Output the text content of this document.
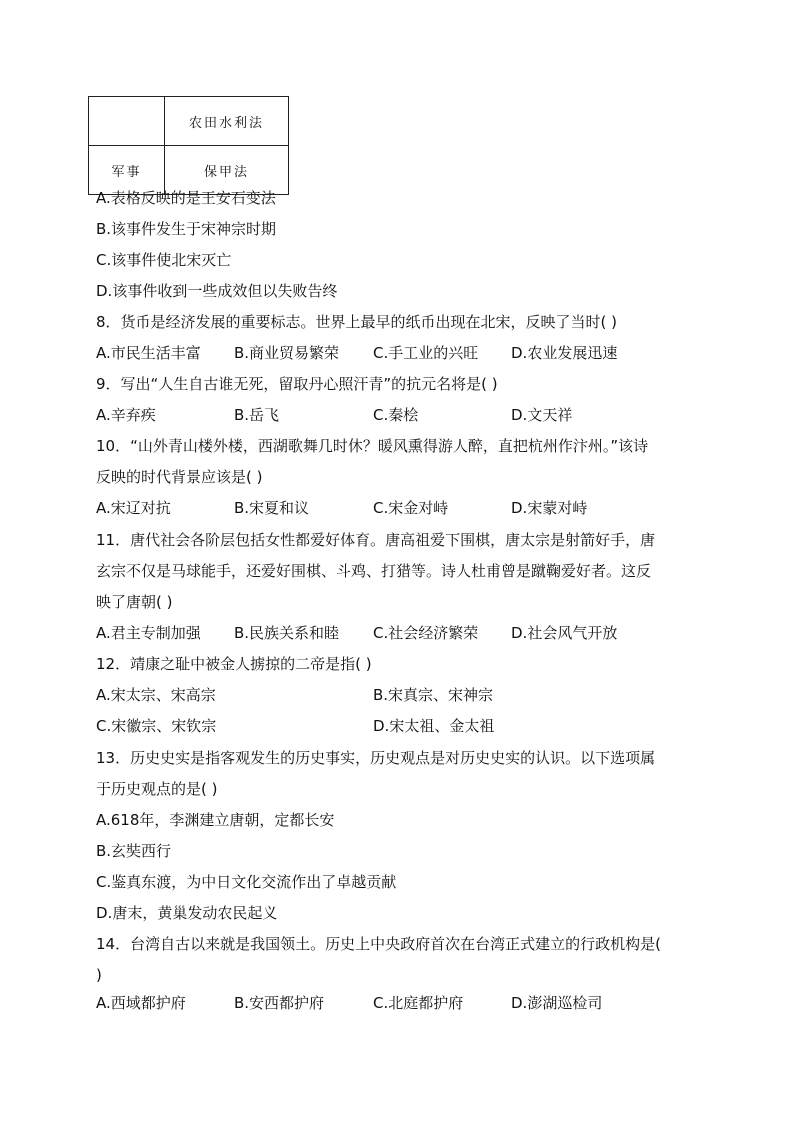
	农田水利法
军事	保甲法
A.表格反映的是王安石变法
B.该事件发生于宋神宗时期
C.该事件使北宋灭亡
D.该事件收到一些成效但以失败告终
8．货币是经济发展的重要标志。世界上最早的纸币出现在北宋，反映了当时( )
A.市民生活丰富 B.商业贸易繁荣 C.手工业的兴旺 D.农业发展迅速
9．写出“人生自古谁无死，留取丹心照汗青”的抗元名将是( )
A.辛弃疾	B.岳飞	C.秦桧	D.文天祥
10．“山外青山楼外楼，西湖歌舞几时休？暖风熏得游人醉，直把杭州作汴州。”该诗
反映的时代背景应该是( )
A.宋辽对抗	B.宋夏和议	C.宋金对峙	D.宋蒙对峙
11．唐代社会各阶层包括女性都爱好体育。唐高祖爱下围棋，唐太宗是射箭好手，唐
玄宗不仅是马球能手，还爱好围棋、斗鸡、打猎等。诗人杜甫曾是蹴鞠爱好者。这反
映了唐朝( )
A.君主专制加强 B.民族关系和睦 C.社会经济繁荣 D.社会风气开放
12．靖康之耻中被金人掳掠的二帝是指( )
A.宋太宗、宋高宗	B.宋真宗、宋神宗
C.宋徽宗、宋钦宗	D.宋太祖、金太祖
13．历史史实是指客观发生的历史事实，历史观点是对历史史实的认识。以下选项属
于历史观点的是( )
A.618年，李渊建立唐朝，定都长安
B.玄奘西行
C.鉴真东渡，为中日文化交流作出了卓越贡献
D.唐末，黄巢发动农民起义
14．台湾自古以来就是我国领土。历史上中央政府首次在台湾正式建立的行政机构是(
)
A.西域都护府	B.安西都护府	C.北庭都护府	D.澎湖巡检司
